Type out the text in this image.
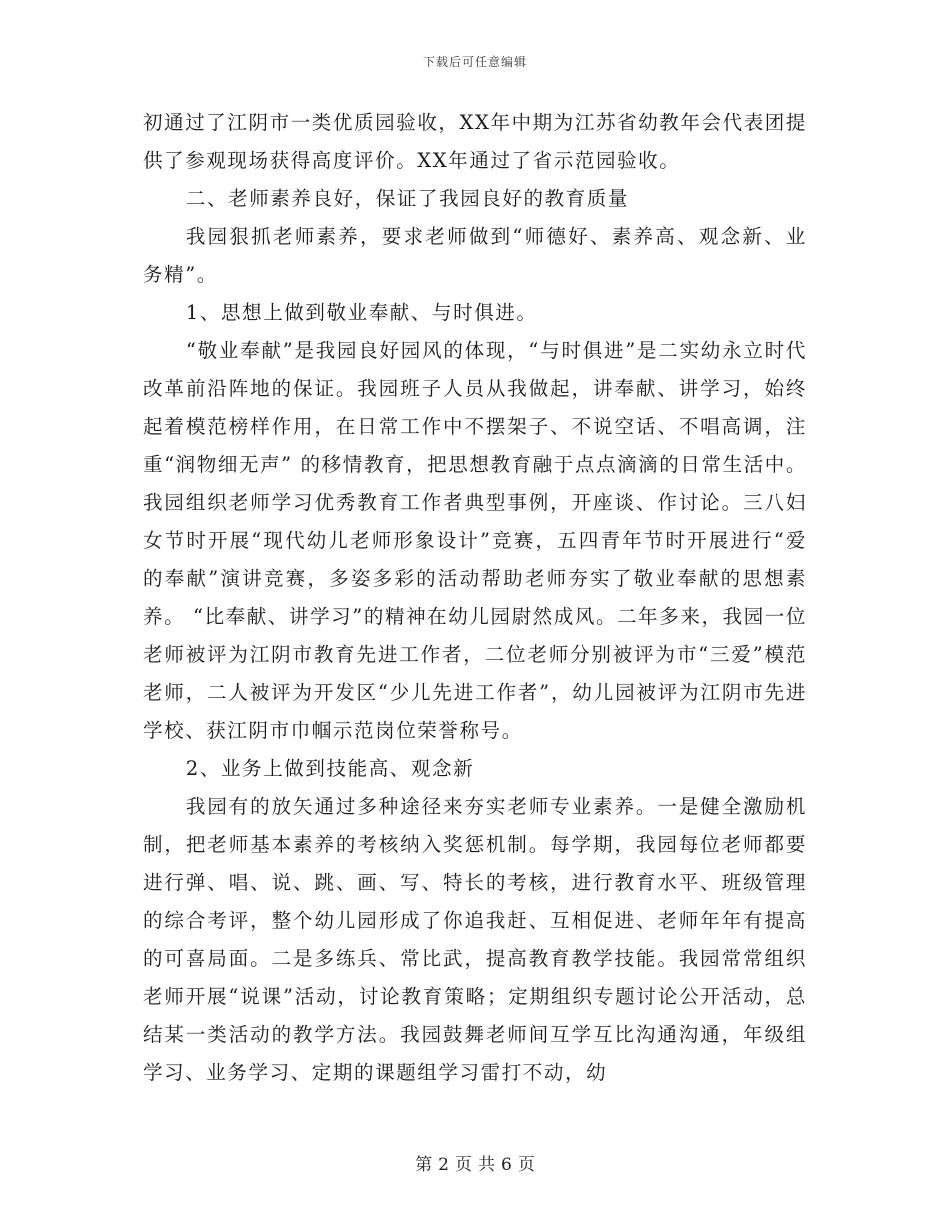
下载后可任意编辑

初通过了江阴市一类优质园验收，XX年中期为江苏省幼教年会代表团提供了参观现场获得高度评价。XX年通过了省示范园验收。

二、老师素养良好，保证了我园良好的教育质量

我园狠抓老师素养，要求老师做到“师德好、素养高、观念新、业务精”。

1、思想上做到敬业奉献、与时俱进。

“敬业奉献”是我园良好园风的体现，“与时俱进”是二实幼永立时代改革前沿阵地的保证。我园班子人员从我做起，讲奉献、讲学习，始终起着模范榜样作用，在日常工作中不摆架子、不说空话、不唱高调，注重“润物细无声” 的移情教育，把思想教育融于点点滴滴的日常生活中。我园组织老师学习优秀教育工作者典型事例，开座谈、作讨论。三八妇女节时开展“现代幼儿老师形象设计”竞赛，五四青年节时开展进行“爱的奉献”演讲竞赛，多姿多彩的活动帮助老师夯实了敬业奉献的思想素养。 “比奉献、讲学习”的精神在幼儿园尉然成风。二年多来，我园一位老师被评为江阴市教育先进工作者，二位老师分别被评为市“三爱”模范老师，二人被评为开发区“少儿先进工作者”，幼儿园被评为江阴市先进学校、获江阴市巾帼示范岗位荣誉称号。

2、业务上做到技能高、观念新

我园有的放矢通过多种途径来夯实老师专业素养。一是健全激励机制，把老师基本素养的考核纳入奖惩机制。每学期，我园每位老师都要进行弹、唱、说、跳、画、写、特长的考核，进行教育水平、班级管理的综合考评，整个幼儿园形成了你追我赶、互相促进、老师年年有提高的可喜局面。二是多练兵、常比武，提高教育教学技能。我园常常组织老师开展“说课”活动，讨论教育策略；定期组织专题讨论公开活动，总结某一类活动的教学方法。我园鼓舞老师间互学互比沟通沟通，年级组学习、业务学习、定期的课题组学习雷打不动，幼

第 2 页 共 6 页
